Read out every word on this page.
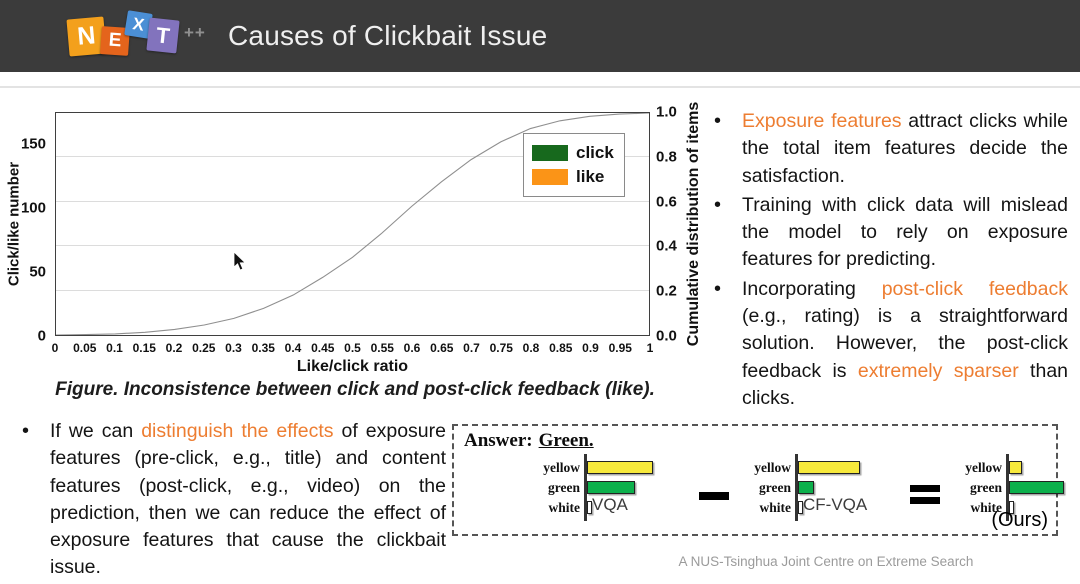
N E
X T ++ Causes of Clickbait Issue
Click/like number
0
50
100
150
0.0
0.2
0.4
0.6
0.8
1.0
0 0.05 0.1 0.15 0.2 0.25 0.3 0.35 0.4 0.45 0.5 0.55 0.6 0.65 0.7 0.75 0.8 0.85 0.9 0.95 1
click
like	Cumulative distribution of items
Like/click ratio
Figure. Inconsistence between click and post-click feedback (like).
• Exposure features attract clicks while the total item features decide the satisfaction.
• Training with click data will mislead the model to rely on exposure features for predicting.
• Incorporating post-click feedback (e.g., rating) is a straightforward solution. However, the post-click feedback is extremely sparser than clicks.
• If we can distinguish the effects of exposure features (pre-click, e.g., title) and content features (post-click, e.g., video) on the prediction, then we can reduce the effect of exposure features that cause the clickbait issue.
Answer: Green.
yellow
green
white VQA
yellow
green
white CF-VQA
yellow
green
white
(Ours)
A NUS-Tsinghua Joint Centre on Extreme Search
